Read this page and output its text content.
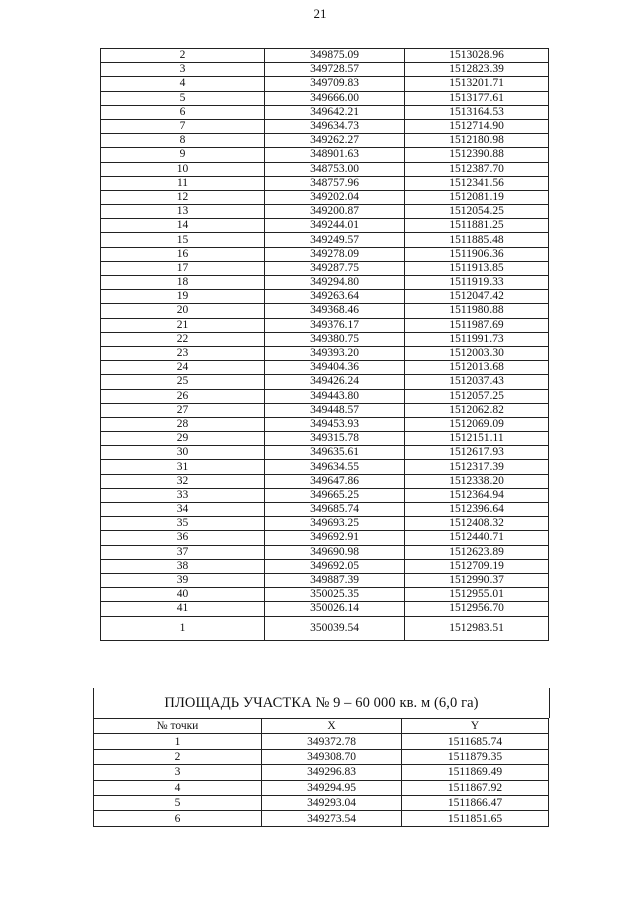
21
2	349875.09	1513028.96
3	349728.57	1512823.39
4	349709.83	1513201.71
5	349666.00	1513177.61
6	349642.21	1513164.53
7	349634.73	1512714.90
8	349262.27	1512180.98
9	348901.63	1512390.88
10	348753.00	1512387.70
11	348757.96	1512341.56
12	349202.04	1512081.19
13	349200.87	1512054.25
14	349244.01	1511881.25
15	349249.57	1511885.48
16	349278.09	1511906.36
17	349287.75	1511913.85
18	349294.80	1511919.33
19	349263.64	1512047.42
20	349368.46	1511980.88
21	349376.17	1511987.69
22	349380.75	1511991.73
23	349393.20	1512003.30
24	349404.36	1512013.68
25	349426.24	1512037.43
26	349443.80	1512057.25
27	349448.57	1512062.82
28	349453.93	1512069.09
29	349315.78	1512151.11
30	349635.61	1512617.93
31	349634.55	1512317.39
32	349647.86	1512338.20
33	349665.25	1512364.94
34	349685.74	1512396.64
35	349693.25	1512408.32
36	349692.91	1512440.71
37	349690.98	1512623.89
38	349692.05	1512709.19
39	349887.39	1512990.37
40	350025.35	1512955.01
41	350026.14	1512956.70
1	350039.54	1512983.51
ПЛОЩАДЬ УЧАСТКА № 9 – 60 000 кв. м (6,0 га)
№ точки	X	Y
1	349372.78	1511685.74
2	349308.70	1511879.35
3	349296.83	1511869.49
4	349294.95	1511867.92
5	349293.04	1511866.47
6	349273.54	1511851.65
